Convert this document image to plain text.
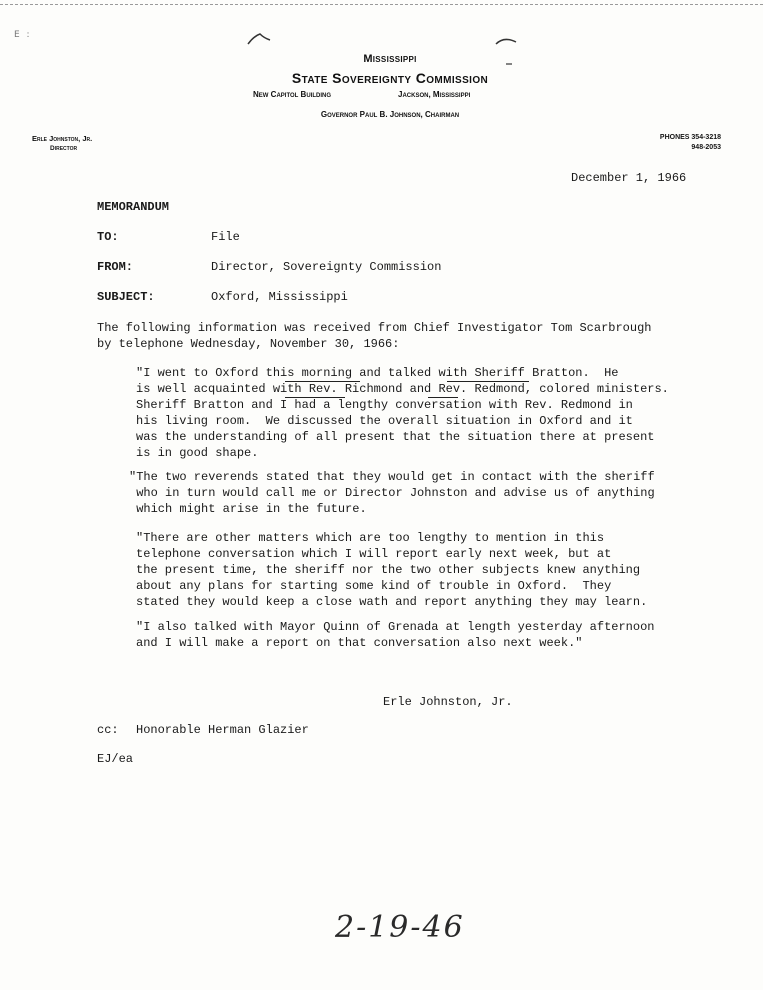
E :
Mississippi
State Sovereignty Commission
New Capitol Building	Jackson, Mississippi
Governor Paul B. Johnson, Chairman
Erle Johnston, Jr.
Director
PHONES 354-3218
948-2053
December 1, 1966
MEMORANDUM
TO:	File
FROM:	Director, Sovereignty Commission
SUBJECT:	Oxford, Mississippi
The following information was received from Chief Investigator Tom Scarbrough
by telephone Wednesday, November 30, 1966:
"I went to Oxford this morning and talked with Sheriff Bratton.  He
is well acquainted with Rev. Richmond and Rev. Redmond, colored ministers.
Sheriff Bratton and I had a lengthy conversation with Rev. Redmond in
his living room.  We discussed the overall situation in Oxford and it
was the understanding of all present that the situation there at present
is in good shape.
"The two reverends stated that they would get in contact with the sheriff
who in turn would call me or Director Johnston and advise us of anything
which might arise in the future.
"There are other matters which are too lengthy to mention in this
telephone conversation which I will report early next week, but at
the present time, the sheriff nor the two other subjects knew anything
about any plans for starting some kind of trouble in Oxford.  They
stated they would keep a close wath and report anything they may learn.
"I also talked with Mayor Quinn of Grenada at length yesterday afternoon
and I will make a report on that conversation also next week."
Erle Johnston, Jr.
cc: Honorable Herman Glazier
EJ/ea
2-19-46
